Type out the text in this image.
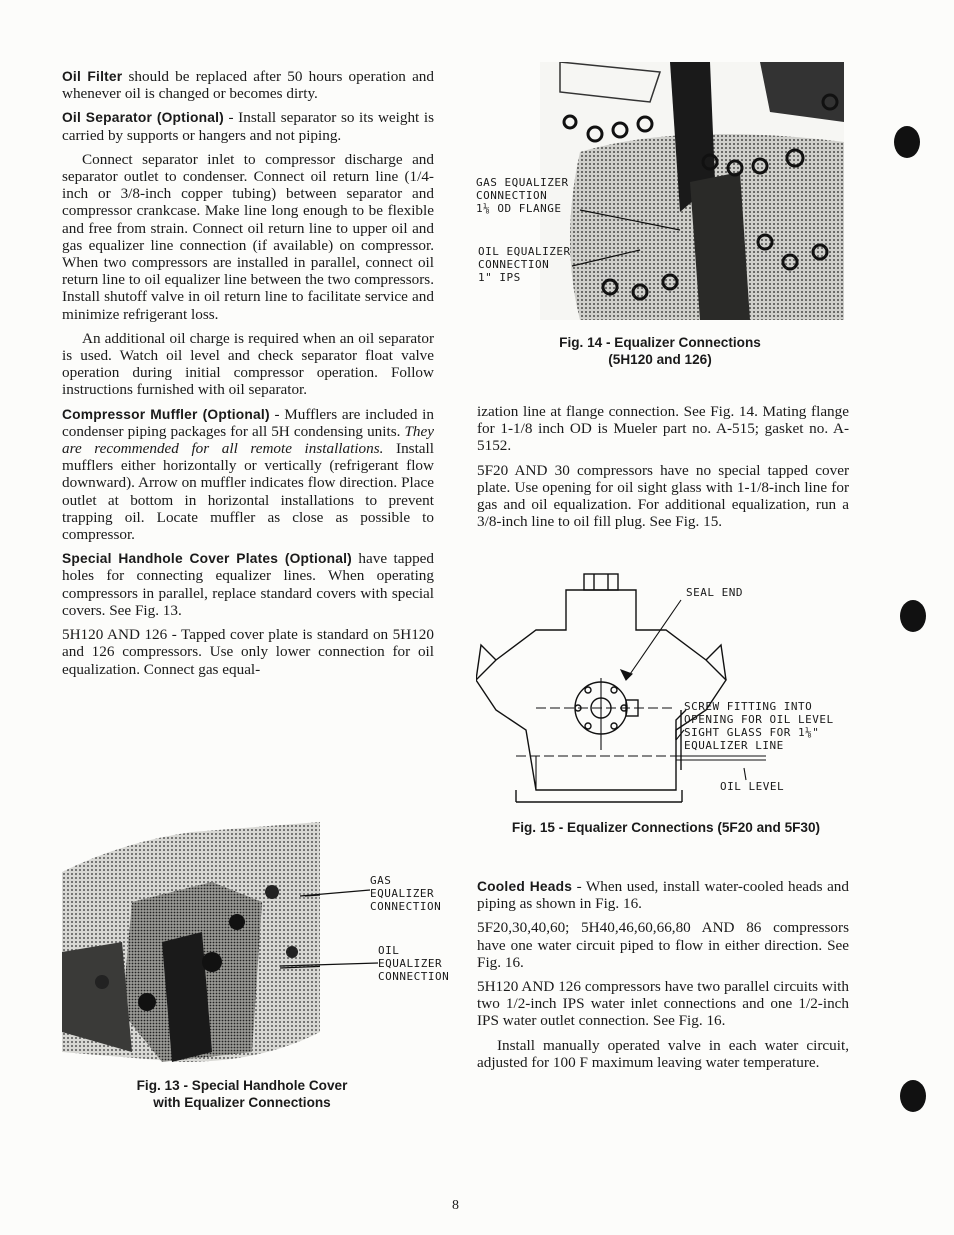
Oil Filter should be replaced after 50 hours operation and whenever oil is changed or becomes dirty.

Oil Separator (Optional) - Install separator so its weight is carried by supports or hangers and not piping.

Connect separator inlet to compressor discharge and separator outlet to condenser. Connect oil return line (1/4-inch or 3/8-inch copper tubing) between separator and compressor crankcase. Make line long enough to be flexible and free from strain. Connect oil return line to upper oil and gas equalizer line connection (if available) on compressor. When two compressors are installed in parallel, connect oil return line to oil equalizer line between the two compressors. Install shutoff valve in oil return line to facilitate service and minimize refrigerant loss.

An additional oil charge is required when an oil separator is used. Watch oil level and check separator float valve operation during initial compressor operation. Follow instructions furnished with oil separator.

Compressor Muffler (Optional) - Mufflers are included in condenser piping packages for all 5H condensing units. They are recommended for all remote installations. Install mufflers either horizontally or vertically (refrigerant flow downward). Arrow on muffler indicates flow direction. Place outlet at bottom in horizontal installations to prevent trapping oil. Locate muffler as close as possible to compressor.

Special Handhole Cover Plates (Optional) have tapped holes for connecting equalizer lines. When operating compressors in parallel, replace standard covers with special covers. See Fig. 13.

5H120 AND 126 - Tapped cover plate is standard on 5H120 and 126 compressors. Use only lower connection for oil equalization. Connect gas equal-

GAS
EQUALIZER
CONNECTION
OIL
EQUALIZER
CONNECTION
Fig. 13 - Special Handhole Cover
with Equalizer Connections
GAS EQUALIZER
CONNECTION
1⅛ OD FLANGE
OIL EQUALIZER
CONNECTION
1" IPS
Fig. 14 - Equalizer Connections
(5H120 and 126)

ization line at flange connection. See Fig. 14. Mating flange for 1-1/8 inch OD is Mueler part no. A-515; gasket no. A-5152.

5F20 AND 30 compressors have no special tapped cover plate. Use opening for oil sight glass with 1-1/8-inch line for gas and oil equalization. For additional equalization, run a 3/8-inch line to oil fill plug. See Fig. 15.

SEAL END
SCREW FITTING INTO
OPENING FOR OIL LEVEL
SIGHT GLASS FOR 1⅛"
EQUALIZER LINE
OIL LEVEL
Fig. 15 - Equalizer Connections (5F20 and 5F30)

Cooled Heads - When used, install water-cooled heads and piping as shown in Fig. 16.

5F20,30,40,60; 5H40,46,60,66,80 AND 86 compressors have one water circuit piped to flow in either direction. See Fig. 16.

5H120 AND 126 compressors have two parallel circuits with two 1/2-inch IPS water inlet connections and one 1/2-inch IPS water outlet connection. See Fig. 16.

Install manually operated valve in each water circuit, adjusted for 100 F maximum leaving water temperature.

8
